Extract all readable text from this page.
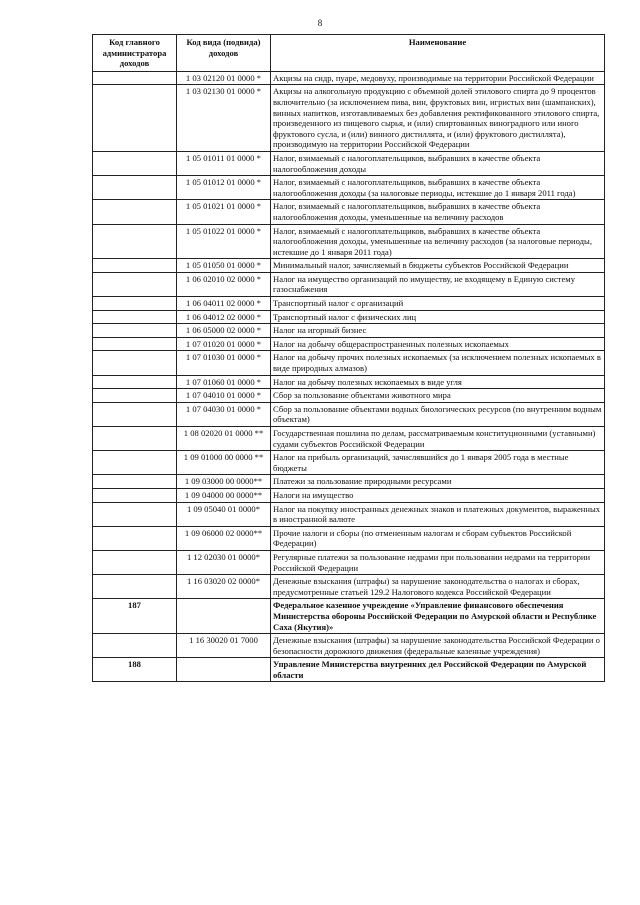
8
Код главного администратора доходов	Код вида (подвида) доходов	Наименование
	1 03 02120 01 0000 *	Акцизы на сидр, пуаре, медовуху, производимые на территории Российской Федерации
	1 03 02130 01 0000 *	Акцизы на алкогольную продукцию с объемной долей этилового спирта до 9 процентов включительно (за исключением пива, вин, фруктовых вин, игристых вин (шампанских), винных напитков, изготавливаемых без добавления ректификованного этилового спирта, произведенного из пищевого сырья, и (или) спиртованных виноградного или иного фруктового сусла, и (или) винного дистиллята, и (или) фруктового дистиллята), производимую на территории Российской Федерации
	1 05 01011 01 0000 *	Налог, взимаемый с налогоплательщиков, выбравших в качестве объекта налогообложения доходы
	1 05 01012 01 0000 *	Налог, взимаемый с налогоплательщиков, выбравших в качестве объекта налогообложения доходы (за налоговые периоды, истекшие до 1 января 2011 года)
	1 05 01021 01 0000 *	Налог, взимаемый с налогоплательщиков, выбравших в качестве объекта налогообложения доходы, уменьшенные на величину расходов
	1 05 01022 01 0000 *	Налог, взимаемый с налогоплательщиков, выбравших в качестве объекта налогообложения доходы, уменьшенные на величину расходов (за налоговые периоды, истекшие до 1 января 2011 года)
	1 05 01050 01 0000 *	Минимальный налог, зачисляемый в бюджеты субъектов Российской Федерации
	1 06 02010 02 0000 *	Налог на имущество организаций по имуществу, не входящему в Единую систему газоснабжения
	1 06 04011 02 0000 *	Транспортный налог с организаций
	1 06 04012 02 0000 *	Транспортный налог с физических лиц
	1 06 05000 02 0000 *	Налог на игорный бизнес
	1 07 01020 01 0000 *	Налог на добычу общераспространенных полезных ископаемых
	1 07 01030 01 0000 *	Налог на добычу прочих полезных ископаемых (за исключением полезных ископаемых в виде природных алмазов)
	1 07 01060 01 0000 *	Налог на добычу полезных ископаемых в виде угля
	1 07 04010 01 0000 *	Сбор за пользование объектами животного мира
	1 07 04030 01 0000 *	Сбор за пользование объектами водных биологических ресурсов (по внутренним водным объектам)
	1 08 02020 01 0000 **	Государственная пошлина по делам, рассматриваемым конституционными (уставными) судами субъектов Российской Федерации
	1 09 01000 00 0000 **	Налог на прибыль организаций, зачислявшийся до 1 января 2005 года в местные бюджеты
	1 09 03000 00 0000**	Платежи за пользование природными ресурсами
	1 09 04000 00 0000**	Налоги на имущество
	1 09 05040 01 0000*	Налог на покупку иностранных денежных знаков и платежных документов, выраженных в иностранной валюте
	1 09 06000 02 0000**	Прочие налоги и сборы (по отмененным налогам и сборам субъектов Российской Федерации)
	1 12 02030 01 0000*	Регулярные платежи за пользование недрами при пользовании недрами на территории Российской Федерации
	1 16 03020 02 0000*	Денежные взыскания (штрафы) за нарушение законодательства о налогах и сборах, предусмотренные статьей 129.2 Налогового кодекса Российской Федерации
187		Федеральное казенное учреждение «Управление финансового обеспечения Министерства обороны Российской Федерации по Амурской области и Республике Саха (Якутия)»
	1 16 30020 01 7000	Денежные взыскания (штрафы) за нарушение законодательства Российской Федерации о безопасности дорожного движения (федеральные казенные учреждения)
188		Управление Министерства внутренних дел Российской Федерации по Амурской области
